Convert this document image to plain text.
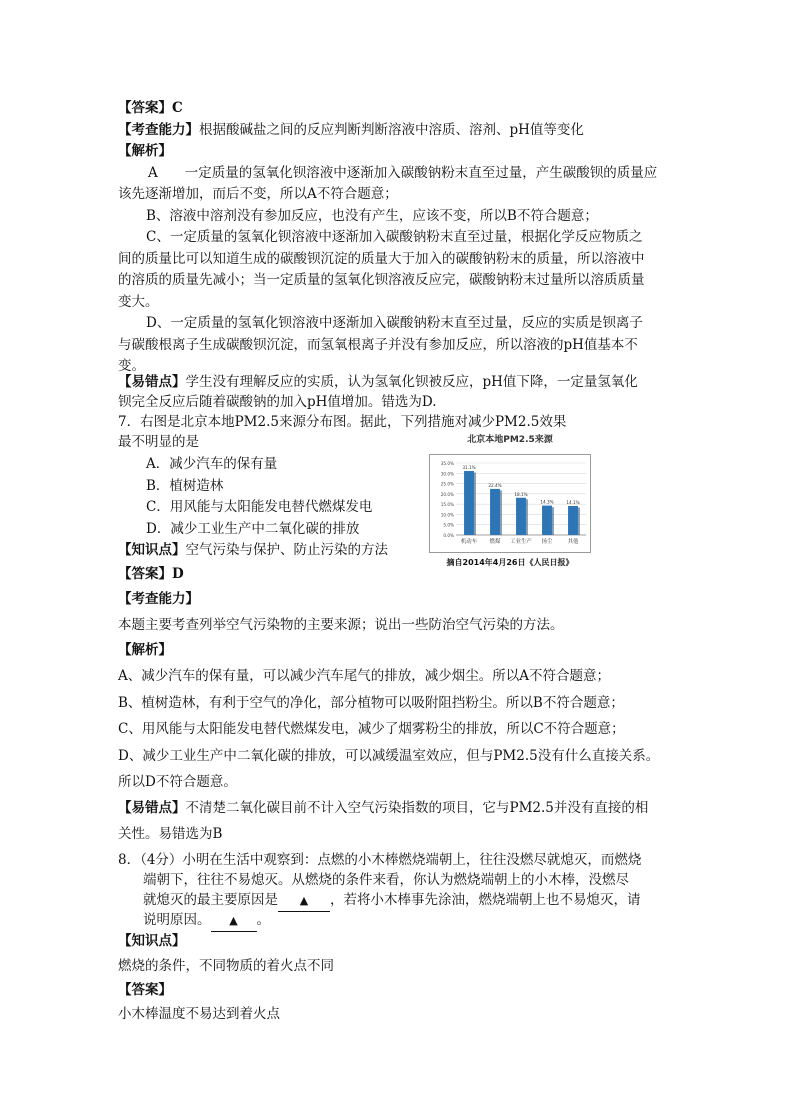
【答案】C
【考查能力】根据酸碱盐之间的反应判断判断溶液中溶质、溶剂、pH值等变化
【解析】
A　　一定质量的氢氧化钡溶液中逐渐加入碳酸钠粉末直至过量，产生碳酸钡的质量应
该先逐渐增加，而后不变，所以A不符合题意；
B、溶液中溶剂没有参加反应，也没有产生，应该不变，所以B不符合题意；
C、一定质量的氢氧化钡溶液中逐渐加入碳酸钠粉末直至过量，根据化学反应物质之
间的质量比可以知道生成的碳酸钡沉淀的质量大于加入的碳酸钠粉末的质量，所以溶液中
的溶质的质量先减小；当一定质量的氢氧化钡溶液反应完，碳酸钠粉末过量所以溶质质量
变大。
D、一定质量的氢氧化钡溶液中逐渐加入碳酸钠粉末直至过量，反应的实质是钡离子
与碳酸根离子生成碳酸钡沉淀，而氢氧根离子并没有参加反应，所以溶液的pH值基本不
变。
【易错点】学生没有理解反应的实质，认为氢氧化钡被反应，pH值下降，一定量氢氧化
钡完全反应后随着碳酸钠的加入pH值增加。错选为D.
7．右图是北京本地PM2.5来源分布图。据此，下列措施对减少PM2.5效果
最不明显的是
A．减少汽车的保有量
B．植树造林
C．用风能与太阳能发电替代燃煤发电
D．减少工业生产中二氧化碳的排放
【知识点】空气污染与保护、防止污染的方法
北京本地PM2.5来源
0.0%
5.0%
10.0%
15.0%
20.0%
25.0%
30.0%
35.0%
31.1%
机动车
22.4%
燃煤
18.1%
工业生产
14.3%
扬尘
14.1%
其他
摘自2014年4月26日《人民日报》
【答案】D
【考查能力】
本题主要考查列举空气污染物的主要来源；说出一些防治空气污染的方法。
【解析】
A、减少汽车的保有量，可以减少汽车尾气的排放，减少烟尘。所以A不符合题意；
B、植树造林，有利于空气的净化，部分植物可以吸附阻挡粉尘。所以B不符合题意；
C、用风能与太阳能发电替代燃煤发电，减少了烟雾粉尘的排放，所以C不符合题意；
D、减少工业生产中二氧化碳的排放，可以减缓温室效应，但与PM2.5没有什么直接关系。
所以D不符合题意。
【易错点】不清楚二氧化碳目前不计入空气污染指数的项目，它与PM2.5并没有直接的相
关性。易错选为B
8．（4分）小明在生活中观察到：点燃的小木棒燃烧端朝上，往往没燃尽就熄灭，而燃烧
端朝下，往往不易熄灭。从燃烧的条件来看，你认为燃烧端朝上的小木棒，没燃尽
就熄灭的最主要原因是 ▲ ，若将小木棒事先涂油，燃烧端朝上也不易熄灭，请
说明原因。 ▲ 。
【知识点】
燃烧的条件，不同物质的着火点不同
【答案】
小木棒温度不易达到着火点
